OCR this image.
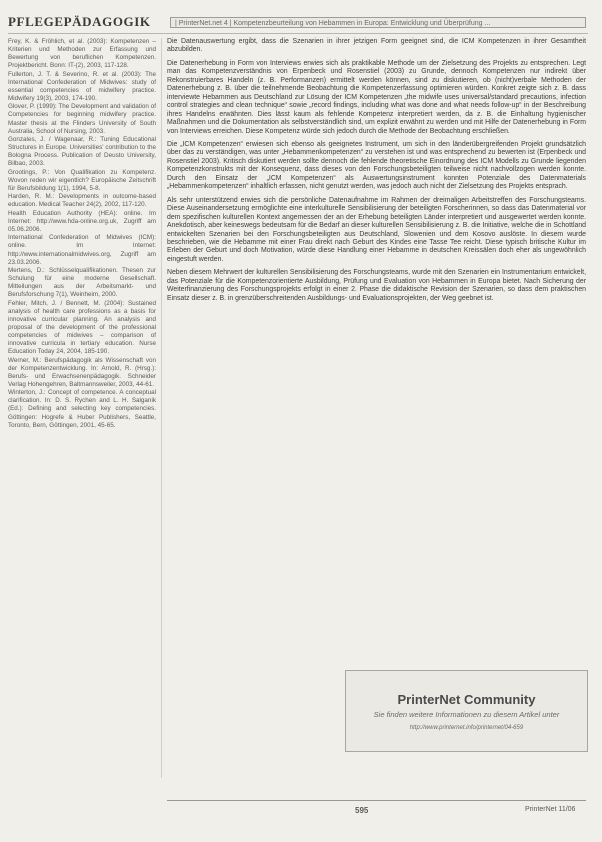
PFLEGEPÄDAGOGIK	| PrinterNet.net 4 | Kompetenzbeurteilung von Hebammen in Europa: Entwicklung und Überprüfung ...

Frey, K. & Fröhlich, et al. (2003): Kompetenzen – Kriterien und Methoden zur Erfassung und Bewertung von beruflichen Kompetenzen. Projektbericht. Bonn: IT-(2), 2003, 117-128.

Fullerton, J. T. & Severino, R. et al. (2003): The International Confederation of Midwives: study of essential competencies of midwifery practice. Midwifery 19(3), 2003, 174-190.

Glover, P. (1999): The Development and validation of Competencies for beginning midwifery practice. Master thesis at the Flinders University of South Australia, School of Nursing, 2003.

Gonzales, J. / Wagenaar, R.: Tuning Educational Structures in Europe. Universities' contribution to the Bologna Process. Publication of Deusto University, Bilbao, 2003.

Grootings, P.: Von Qualifikation zu Kompetenz. Wovon reden wir eigentlich? Europäische Zeitschrift für Berufsbildung 1(1), 1994, 5-8.

Harden, R. M.: Developments in outcome-based education. Medical Teacher 24(2), 2002, 117-120.

Health Education Authority (HEA): online. Im Internet: http://www.hda-online.org.uk, Zugriff am 05.06.2006.

International Confederation of Midwives (ICM): online. Im Internet: http://www.internationalmidwives.org, Zugriff am 23.03.2006.

Mertens, D.: Schlüsselqualifikationen. Thesen zur Schulung für eine moderne Gesellschaft. Mitteilungen aus der Arbeitsmarkt- und Berufsforschung 7(1), Weinheim, 2000.

Fehler, Mitch, J. / Bennett, M. (2004): Sustained analysis of health care professions as a basis for innovative curricular planning. An analysis and proposal of the development of the professional competencies of midwives – comparison of innovative curricula in tertiary education. Nurse Education Today 24, 2004, 185-190.

Werner, M.: Berufspädagogik als Wissenschaft von der Kompetenzentwicklung. In: Arnold, R. (Hrsg.): Berufs- und Erwachsenenpädagogik. Schneider Verlag Hohengehren, Baltmannsweiler, 2003, 44-61.

Winterton, J.: Concept of competence. A conceptual clarification. In: D. S. Rychen and L. H. Salganik (Ed.): Defining and selecting key competencies. Göttingen: Hogrefe & Huber Publishers, Seattle, Toronto, Bern, Göttingen, 2001, 45-65.

Die Datenauswertung ergibt, dass die Szenarien in ihrer jetzigen Form geeignet sind, die ICM Kompetenzen in ihrer Gesamtheit abzubilden.

Die Datenerhebung in Form von Interviews erwies sich als praktikable Methode um der Zielsetzung des Projekts zu entsprechen. Legt man das Kompetenzverständnis von Erpenbeck und Rosenstiel (2003) zu Grunde, dennoch Kompetenzen nur indirekt über Rekonstruierbares Handeln (z. B. Performanzen) ermittelt werden können, sind zu diskutieren, ob (nicht)verbale Methoden der Datenerhebung z. B. über die teilnehmende Beobachtung die Kompetenzerfassung optimieren würden. Konkret zeigte sich z. B. dass interviewte Hebammen aus Deutschland zur Lösung der ICM Kompetenzen „the midwife uses universal/standard precautions, infection control strategies and clean technique“ sowie „record findings, including what was done and what needs follow-up“ in der Beschreibung ihres Handelns erwähnten. Dies lässt kaum als fehlende Kompetenz interpretiert werden, da z. B. die Einhaltung hygienischer Maßnahmen und die Dokumentation als selbstverständlich sind, um explizit erwähnt zu werden und mit Hilfe der Datenerhebung in Form von Interviews erreichen. Diese Kompetenz würde sich jedoch durch die Methode der Beobachtung erschließen.

Die „ICM Kompetenzen“ erwiesen sich ebenso als geeignetes Instrument, um sich in den länderübergreifenden Projekt grundsätzlich über das zu verständigen, was unter „Hebammenkompetenzen“ zu verstehen ist und was entsprechend zu bewerten ist (Erpenbeck und Rosenstiel 2003). Kritisch diskutiert werden sollte dennoch die fehlende theoretische Einordnung des ICM Modells zu Grunde liegenden Kompetenzkonstrukts mit der Konsequenz, dass dieses von den Forschungsbeteiligten teilweise nicht nachvollzogen werden konnte. Durch den Einsatz der „ICM Kompetenzen“ als Auswertungsinstrument konnten Potenziale des Datenmaterials „Hebammenkompetenzen“ inhaltlich erfassen, nicht genutzt werden, was jedoch auch nicht der Zielsetzung des Projekts entsprach.

Als sehr unterstützend erwies sich die persönliche Datenaufnahme im Rahmen der dreimaligen Arbeitstreffen des Forschungsteams. Diese Auseinandersetzung ermöglichte eine interkulturelle Sensibilisierung der beteiligten Forscherinnen, so dass das Datenmaterial vor dem spezifischen kulturellen Kontext angemessen der an der Erhebung beteiligten Länder interpretiert und ausgewertet werden konnte. Anekdotisch, aber keineswegs bedeutsam für die Bedarf an dieser kulturellen Sensibilisierung z. B. die Initiative, welche die in Schottland entwickelten Szenarien bei den Forschungsbeteiligten aus Deutschland, Slowenien und dem Kosovo auslöste. In diesem wurde beschrieben, wie die Hebamme mit einer Frau direkt nach Geburt des Kindes eine Tasse Tee reicht. Diese typisch britische Kultur im Erleben der Geburt und doch Motivation, würde diese Handlung einer Hebamme in deutschen Kreissälen doch eher als ungewöhnlich eingestuft werden.

Neben diesem Mehrwert der kulturellen Sensibilisierung des Forschungsteams, wurde mit den Szenarien ein Instrumentarium entwickelt, das Potenziale für die Kompetenzorientierte Ausbildung, Prüfung und Evaluation von Hebammen in Europa bietet. Nach Sicherung der Weiterfinanzierung des Forschungsprojekts erfolgt in einer 2. Phase die didaktische Revision der Szenarien, so dass dem praktischen Einsatz dieser z. B. in grenzüberschreitenden Ausbildungs- und Evaluationsprojekten, der Weg geebnet ist.

PrinterNet Community
Sie finden weitere Informationen zu diesem Artikel unter
http://www.printernet.info/printernet/04-659
595	PrinterNet 11/06
